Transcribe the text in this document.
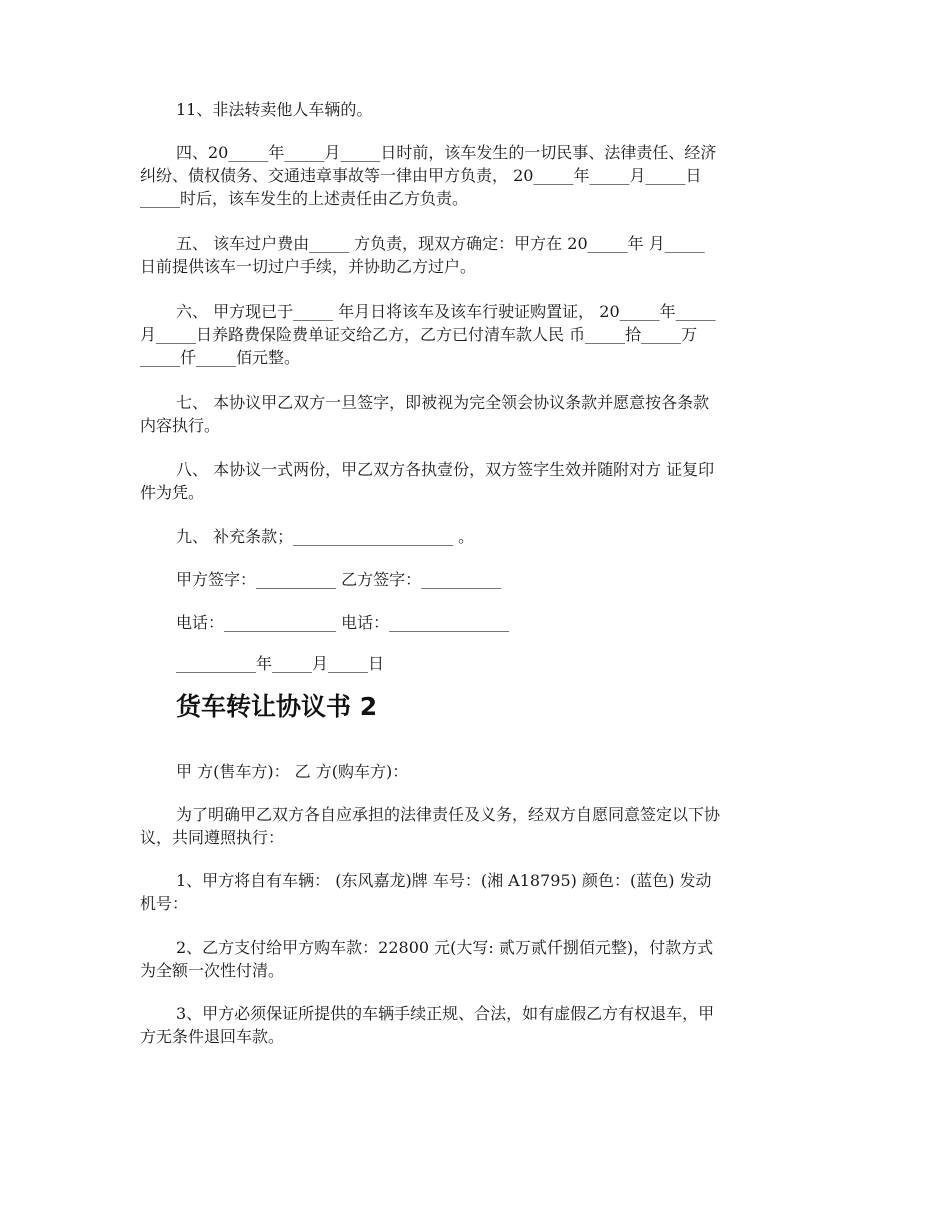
11、非法转卖他人车辆的。

四、20_____年_____月_____日时前，该车发生的一切民事、法律责任、经济
纠纷、债权债务、交通违章事故等一律由甲方负责， 20_____年_____月_____日
_____时后，该车发生的上述责任由乙方负责。

五、 该车过户费由_____ 方负责，现双方确定：甲方在 20_____年 月_____
日前提供该车一切过户手续，并协助乙方过户。

六、 甲方现已于_____ 年月日将该车及该车行驶证购置证， 20_____年_____
月_____日养路费保险费单证交给乙方，乙方已付清车款人民 币_____拾_____万
_____仟_____佰元整。

七、 本协议甲乙双方一旦签字，即被视为完全领会协议条款并愿意按各条款
内容执行。

八、 本协议一式两份，甲乙双方各执壹份，双方签字生效并随附对方 证复印
件为凭。

九、 补充条款；____________________ 。

甲方签字：__________ 乙方签字：__________

电话：______________ 电话：_______________

__________年_____月_____日

货车转让协议书 2

甲 方(售车方)： 乙 方(购车方)：

为了明确甲乙双方各自应承担的法律责任及义务，经双方自愿同意签定以下协
议，共同遵照执行：

1、甲方将自有车辆： (东风嘉龙)牌 车号：(湘 A18795) 颜色：(蓝色) 发动
机号：

2、乙方支付给甲方购车款：22800 元(大写: 贰万贰仟捌佰元整)，付款方式
为全额一次性付清。

3、甲方必须保证所提供的车辆手续正规、合法，如有虚假乙方有权退车，甲
方无条件退回车款。
